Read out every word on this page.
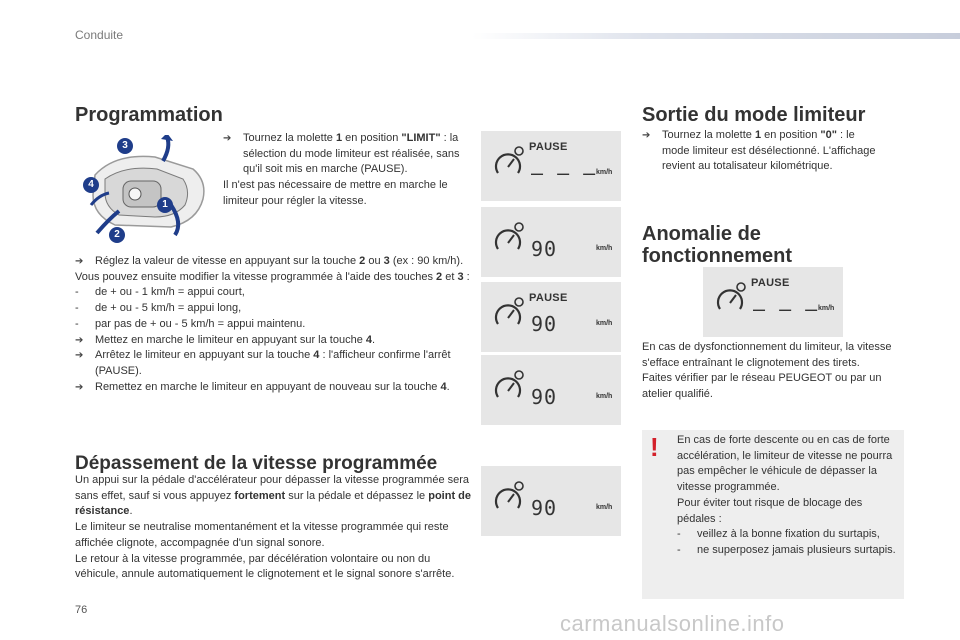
Conduite
Programmation
3
4
1
2

➔ Tournez la molette 1 en position "LIMIT" : la sélection du mode limiteur est réalisée, sans qu'il soit mis en marche (PAUSE).

Il n'est pas nécessaire de mettre en marche le limiteur pour régler la vitesse.

➔ Réglez la valeur de vitesse en appuyant sur la touche 2 ou 3 (ex : 90 km/h).

Vous pouvez ensuite modifier la vitesse programmée à l'aide des touches 2 et 3 :

- de + ou - 1 km/h = appui court,

- de + ou - 5 km/h = appui long,

- par pas de + ou - 5 km/h = appui maintenu.

➔ Mettez en marche le limiteur en appuyant sur la touche 4.

➔ Arrêtez le limiteur en appuyant sur la touche 4 : l'afficheur confirme l'arrêt (PAUSE).

➔ Remettez en marche le limiteur en appuyant de nouveau sur la touche 4.

Dépassement de la vitesse programmée

Un appui sur la pédale d'accélérateur pour dépasser la vitesse programmée sera sans effet, sauf si vous appuyez fortement sur la pédale et dépassez le point de résistance.

Le limiteur se neutralise momentanément et la vitesse programmée qui reste affichée clignote, accompagnée d'un signal sonore.

Le retour à la vitesse programmée, par décélération volontaire ou non du véhicule, annule automatiquement le clignotement et le signal sonore s'arrête.

PAUSE
– – – km/h
90	km/h
PAUSE
90	km/h
90	km/h
90	km/h
Sortie du mode limiteur

➔ Tournez la molette 1 en position "0" : le mode limiteur est désélectionné. L'affichage revient au totalisateur kilométrique.

Anomalie de
fonctionnement
PAUSE
– – – km/h

En cas de dysfonctionnement du limiteur, la vitesse s'efface entraînant le clignotement des tirets.

Faites vérifier par le réseau PEUGEOT ou par un atelier qualifié.

! En cas de forte descente ou en cas de forte accélération, le limiteur de vitesse ne pourra pas empêcher le véhicule de dépasser la vitesse programmée.

Pour éviter tout risque de blocage des pédales :

- veillez à la bonne fixation du surtapis,

- ne superposez jamais plusieurs surtapis.

76
carmanualsonline.info
